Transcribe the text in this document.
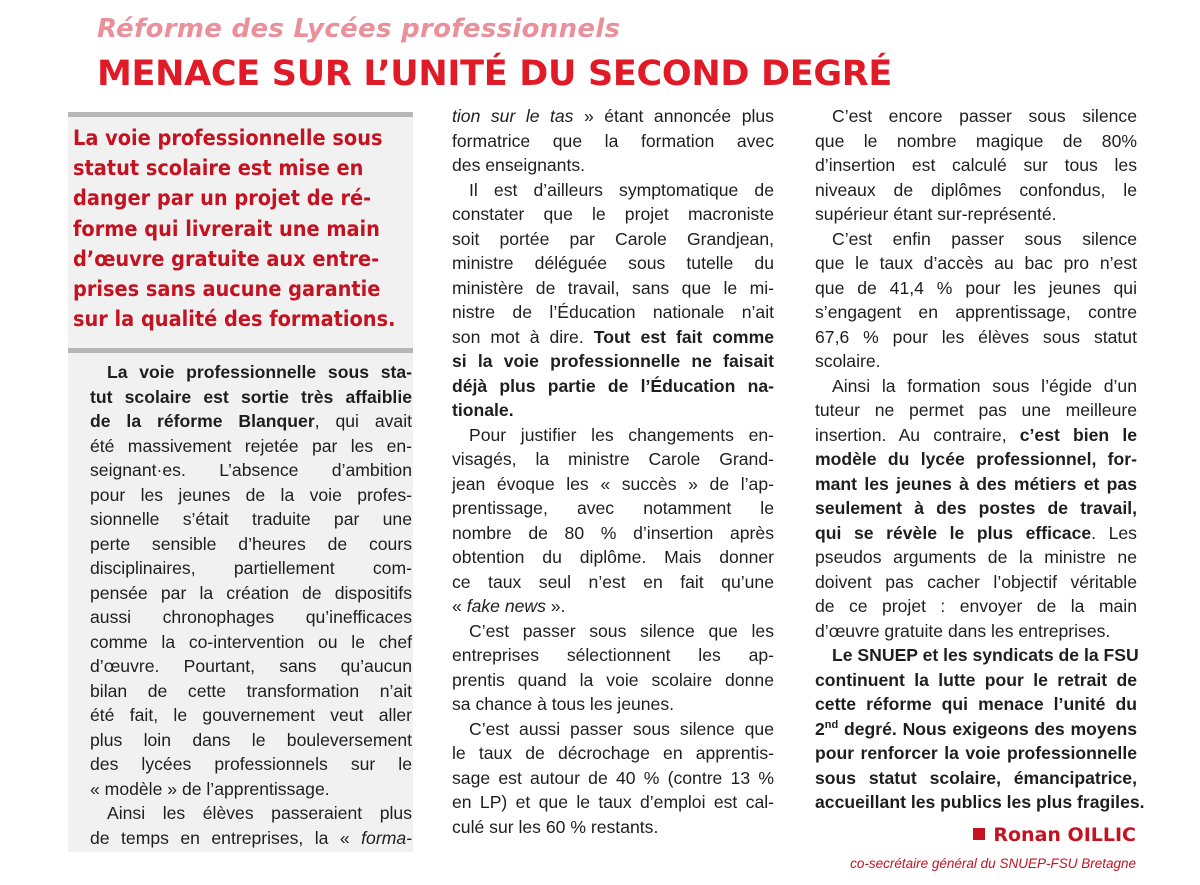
Réforme des Lycées professionnels
MENACE SUR L’UNITÉ DU SECOND DEGRÉ

La voie professionnelle sous

statut scolaire est mise en

danger par un projet de ré-

forme qui livrerait une main

d’œuvre gratuite aux entre-

prises sans aucune garantie

sur la qualité des formations.

La voie professionnelle sous sta-

tut scolaire est sortie très affaiblie

de la réforme Blanquer, qui avait

été massivement rejetée par les en-

seignant·es. L’absence d’ambition

pour les jeunes de la voie profes-

sionnelle s’était traduite par une

perte sensible d’heures de cours

disciplinaires, partiellement com-

pensée par la création de dispositifs

aussi chronophages qu’inefficaces

comme la co-intervention ou le chef

d’œuvre. Pourtant, sans qu’aucun

bilan de cette transformation n’ait

été fait, le gouvernement veut aller

plus loin dans le bouleversement

des lycées professionnels sur le

« modèle » de l’apprentissage.

Ainsi les élèves passeraient plus

de temps en entreprises, la « forma-

tion sur le tas » étant annoncée plus

formatrice que la formation avec

des enseignants.

Il est d’ailleurs symptomatique de

constater que le projet macroniste

soit portée par Carole Grandjean,

ministre déléguée sous tutelle du

ministère de travail, sans que le mi-

nistre de l’Éducation nationale n’ait

son mot à dire. Tout est fait comme

si la voie professionnelle ne faisait

déjà plus partie de l’Éducation na-

tionale.

Pour justifier les changements en-

visagés, la ministre Carole Grand-

jean évoque les « succès » de l’ap-

prentissage, avec notamment le

nombre de 80 % d’insertion après

obtention du diplôme. Mais donner

ce taux seul n’est en fait qu’une

« fake news ».

C’est passer sous silence que les

entreprises sélectionnent les ap-

prentis quand la voie scolaire donne

sa chance à tous les jeunes.

C’est aussi passer sous silence que

le taux de décrochage en apprentis-

sage est autour de 40 % (contre 13 %

en LP) et que le taux d’emploi est cal-

culé sur les 60 % restants.

C’est encore passer sous silence

que le nombre magique de 80%

d’insertion est calculé sur tous les

niveaux de diplômes confondus, le

supérieur étant sur-représenté.

C’est enfin passer sous silence

que le taux d’accès au bac pro n’est

que de 41,4 % pour les jeunes qui

s’engagent en apprentissage, contre

67,6 % pour les élèves sous statut

scolaire.

Ainsi la formation sous l’égide d’un

tuteur ne permet pas une meilleure

insertion. Au contraire, c’est bien le

modèle du lycée professionnel, for-

mant les jeunes à des métiers et pas

seulement à des postes de travail,

qui se révèle le plus efficace. Les

pseudos arguments de la ministre ne

doivent pas cacher l’objectif véritable

de ce projet : envoyer de la main

d’œuvre gratuite dans les entreprises.

Le SNUEP et les syndicats de la FSU

continuent la lutte pour le retrait de

cette réforme qui menace l’unité du

2nd degré. Nous exigeons des moyens

pour renforcer la voie professionnelle

sous statut scolaire, émancipatrice,

accueillant les publics les plus fragiles.

Ronan OILLIC
co-secrétaire général du SNUEP-FSU Bretagne
